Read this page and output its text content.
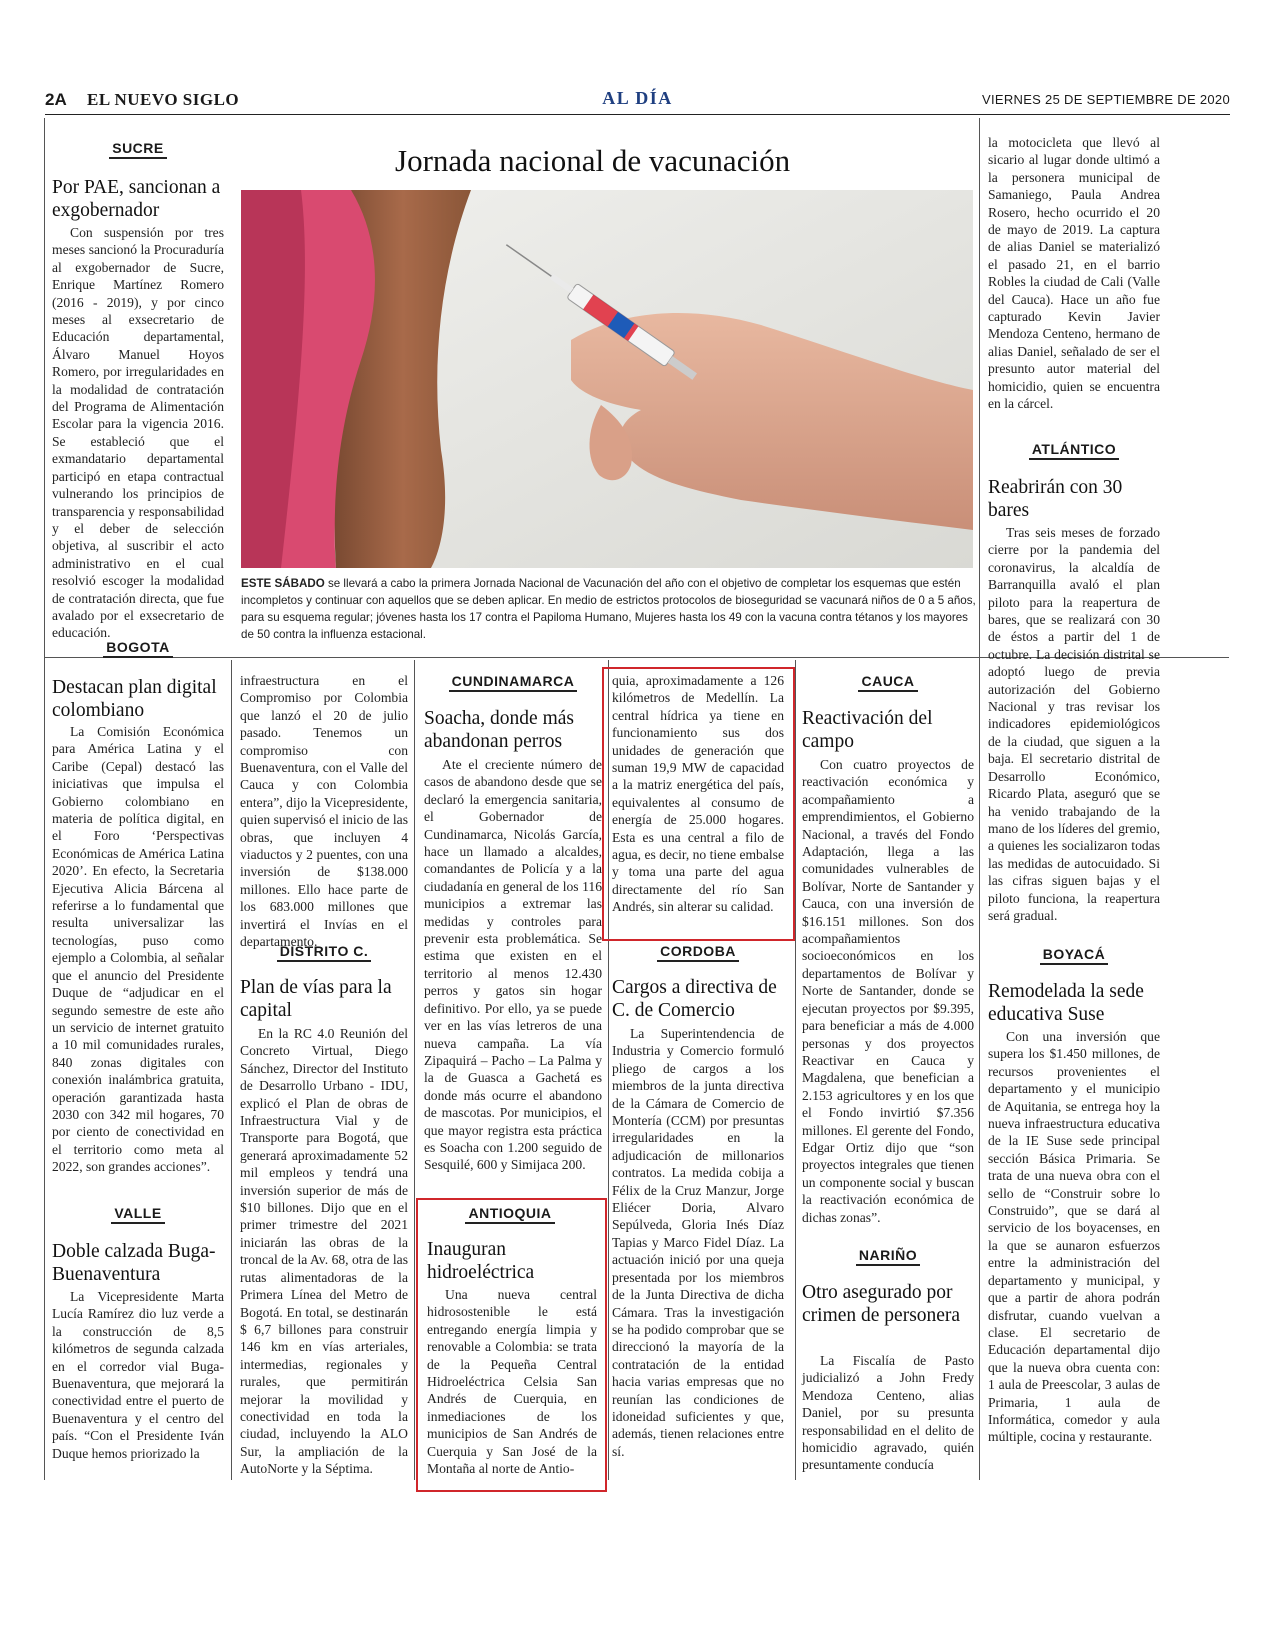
2A EL NUEVO SIGLO	AL DÍA	VIERNES 25 DE SEPTIEMBRE DE 2020
Jornada nacional de vacunación
ESTE SÁBADO se llevará a cabo la primera Jornada Nacional de Vacunación del año con el objetivo de completar los esquemas que estén incompletos y continuar con aquellos que se deben aplicar. En medio de estrictos protocolos de bioseguridad se vacunará niños de 0 a 5 años, para su esquema regular; jóvenes hasta los 17 contra el Papiloma Humano, Mujeres hasta los 49 con la vacuna contra tétanos y los mayores de 50 contra la influenza estacional.
SUCRE
Por PAE, sancionan a exgobernador

Con suspensión por tres meses sancionó la Procuraduría al exgobernador de Sucre, Enrique Martínez Romero (2016 - 2019), y por cinco meses al exsecretario de Educación departamental, Álvaro Manuel Hoyos Romero, por irregularidades en la modalidad de contratación del Programa de Alimentación Escolar para la vigencia 2016. Se estableció que el exmandatario departamental participó en etapa contractual vulnerando los principios de transparencia y responsabilidad y el deber de selección objetiva, al suscribir el acto administrativo en el cual resolvió escoger la modalidad de contratación directa, que fue avalado por el exsecretario de educación.

BOGOTA
Destacan plan digital colombiano

La Comisión Económica para América Latina y el Caribe (Cepal) destacó las iniciativas que impulsa el Gobierno colombiano en materia de política digital, en el Foro ‘Perspectivas Económicas de América Latina 2020’. En efecto, la Secretaria Ejecutiva Alicia Bárcena al referirse a lo fundamental que resulta universalizar las tecnologías, puso como ejemplo a Colombia, al señalar que el anuncio del Presidente Duque de “adjudicar en el segundo semestre de este año un servicio de internet gratuito a 10 mil comunidades rurales, 840 zonas digitales con conexión inalámbrica gratuita, operación garantizada hasta 2030 con 342 mil hogares, 70 por ciento de conectividad en el territorio como meta al 2022, son grandes acciones”.

VALLE
Doble calzada Buga-Buenaventura

La Vicepresidente Marta Lucía Ramírez dio luz verde a la construcción de 8,5 kilómetros de segunda calzada en el corredor vial Buga-Buenaventura, que mejorará la conectividad entre el puerto de Buenaventura y el centro del país. “Con el Presidente Iván Duque hemos priorizado la

infraestructura en el Compromiso por Colombia que lanzó el 20 de julio pasado. Tenemos un compromiso con Buenaventura, con el Valle del Cauca y con Colombia entera”, dijo la Vicepresidente, quien supervisó el inicio de las obras, que incluyen 4 viaductos y 2 puentes, con una inversión de $138.000 millones. Ello hace parte de los 683.000 millones que invertirá el Invías en el departamento.

DISTRITO C.
Plan de vías para la capital

En la RC 4.0 Reunión del Concreto Virtual, Diego Sánchez, Director del Instituto de Desarrollo Urbano - IDU, explicó el Plan de obras de Infraestructura Vial y de Transporte para Bogotá, que generará aproximadamente 52 mil empleos y tendrá una inversión superior de más de $10 billones. Dijo que en el primer trimestre del 2021 iniciarán las obras de la troncal de la Av. 68, otra de las rutas alimentadoras de la Primera Línea del Metro de Bogotá. En total, se destinarán $ 6,7 billones para construir 146 km en vías arteriales, intermedias, regionales y rurales, que permitirán mejorar la movilidad y conectividad en toda la ciudad, incluyendo la ALO Sur, la ampliación de la AutoNorte y la Séptima.

CUNDINAMARCA
Soacha, donde más abandonan perros

Ate el creciente número de casos de abandono desde que se declaró la emergencia sanitaria, el Gobernador de Cundinamarca, Nicolás García, hace un llamado a alcaldes, comandantes de Policía y a la ciudadanía en general de los 116 municipios a extremar las medidas y controles para prevenir esta problemática. Se estima que existen en el territorio al menos 12.430 perros y gatos sin hogar definitivo. Por ello, ya se puede ver en las vías letreros de una nueva campaña. La vía Zipaquirá – Pacho – La Palma y la de Guasca a Gachetá es donde más ocurre el abandono de mascotas. Por municipios, el que mayor registra esta práctica es Soacha con 1.200 seguido de Sesquilé, 600 y Simijaca 200.

ANTIOQUIA
Inauguran hidroeléctrica

Una nueva central hidrosostenible le está entregando energía limpia y renovable a Colombia: se trata de la Pequeña Central Hidroeléctrica Celsia San Andrés de Cuerquia, en inmediaciones de los municipios de San Andrés de Cuerquia y San José de la Montaña al norte de Antio-

quia, aproximadamente a 126 kilómetros de Medellín. La central hídrica ya tiene en funcionamiento sus dos unidades de generación que suman 19,9 MW de capacidad a la matriz energética del país, equivalentes al consumo de energía de 25.000 hogares. Esta es una central a filo de agua, es decir, no tiene embalse y toma una parte del agua directamente del río San Andrés, sin alterar su calidad.

CORDOBA
Cargos a directiva de C. de Comercio

La Superintendencia de Industria y Comercio formuló pliego de cargos a los miembros de la junta directiva de la Cámara de Comercio de Montería (CCM) por presuntas irregularidades en la adjudicación de millonarios contratos. La medida cobija a Félix de la Cruz Manzur, Jorge Eliécer Doria, Alvaro Sepúlveda, Gloria Inés Díaz Tapias y Marco Fidel Díaz. La actuación inició por una queja presentada por los miembros de la Junta Directiva de dicha Cámara. Tras la investigación se ha podido comprobar que se direccionó la mayoría de la contratación de la entidad hacia varias empresas que no reunían las condiciones de idoneidad suficientes y que, además, tienen relaciones entre sí.

CAUCA
Reactivación del campo

Con cuatro proyectos de reactivación económica y acompañamiento a emprendimientos, el Gobierno Nacional, a través del Fondo Adaptación, llega a las comunidades vulnerables de Bolívar, Norte de Santander y Cauca, con una inversión de $16.151 millones. Son dos acompañamientos socioeconómicos en los departamentos de Bolívar y Norte de Santander, donde se ejecutan proyectos por $9.395, para beneficiar a más de 4.000 personas y dos proyectos Reactivar en Cauca y Magdalena, que benefician a 2.153 agricultores y en los que el Fondo invirtió $7.356 millones. El gerente del Fondo, Edgar Ortiz dijo que “son proyectos integrales que tienen un componente social y buscan la reactivación económica de dichas zonas”.

NARIÑO
Otro asegurado por crimen de personera

La Fiscalía de Pasto judicializó a John Fredy Mendoza Centeno, alias Daniel, por su presunta responsabilidad en el delito de homicidio agravado, quién presuntamente conducía

la motocicleta que llevó al sicario al lugar donde ultimó a la personera municipal de Samaniego, Paula Andrea Rosero, hecho ocurrido el 20 de mayo de 2019. La captura de alias Daniel se materializó el pasado 21, en el barrio Robles la ciudad de Cali (Valle del Cauca). Hace un año fue capturado Kevin Javier Mendoza Centeno, hermano de alias Daniel, señalado de ser el presunto autor material del homicidio, quien se encuentra en la cárcel.

ATLÁNTICO
Reabrirán con 30 bares

Tras seis meses de forzado cierre por la pandemia del coronavirus, la alcaldía de Barranquilla avaló el plan piloto para la reapertura de bares, que se realizará con 30 de éstos a partir del 1 de octubre. La decisión distrital se adoptó luego de previa autorización del Gobierno Nacional y tras revisar los indicadores epidemiológicos de la ciudad, que siguen a la baja. El secretario distrital de Desarrollo Económico, Ricardo Plata, aseguró que se ha venido trabajando de la mano de los líderes del gremio, a quienes les socializaron todas las medidas de autocuidado. Si las cifras siguen bajas y el piloto funciona, la reapertura será gradual.

BOYACÁ
Remodelada la sede educativa Suse

Con una inversión que supera los $1.450 millones, de recursos provenientes el departamento y el municipio de Aquitania, se entrega hoy la nueva infraestructura educativa de la IE Suse sede principal sección Básica Primaria. Se trata de una nueva obra con el sello de “Construir sobre lo Construido”, que se dará al servicio de los boyacenses, en la que se aunaron esfuerzos entre la administración del departamento y municipal, y que a partir de ahora podrán disfrutar, cuando vuelvan a clase. El secretario de Educación departamental dijo que la nueva obra cuenta con: 1 aula de Preescolar, 3 aulas de Primaria, 1 aula de Informática, comedor y aula múltiple, cocina y restaurante.
